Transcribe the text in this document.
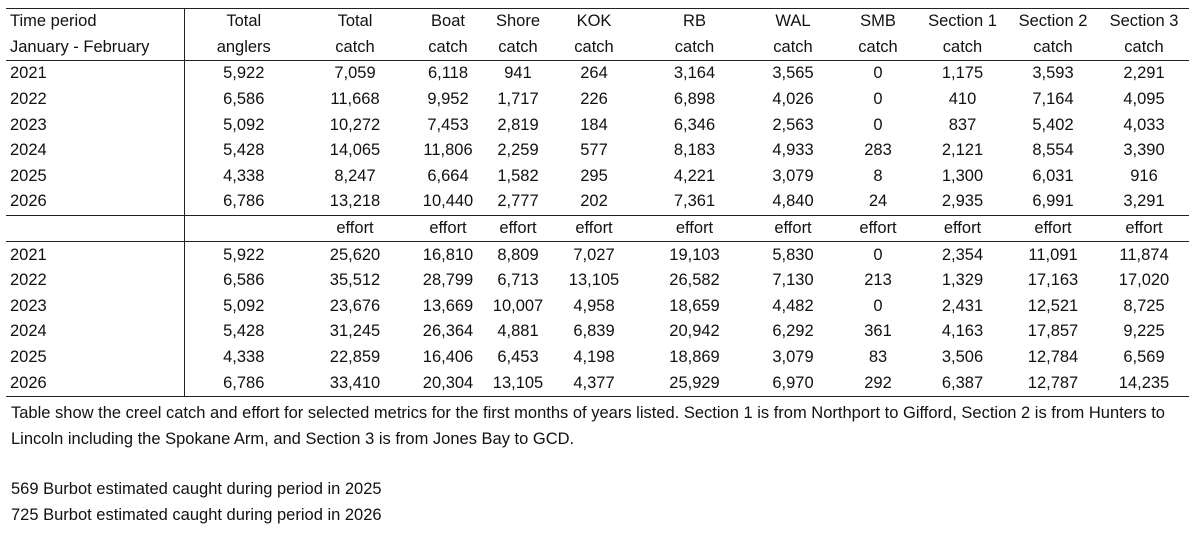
Time period	Total	Total	Boat	Shore	KOK	RB	WAL	SMB	Section 1	Section 2	Section 3
January - February	anglers	catch	catch	catch	catch	catch	catch	catch	catch	catch	catch
2021	5,922	7,059	6,118	941	264	3,164	3,565	0	1,175	3,593	2,291
2022	6,586	11,668	9,952	1,717	226	6,898	4,026	0	410	7,164	4,095
2023	5,092	10,272	7,453	2,819	184	6,346	2,563	0	837	5,402	4,033
2024	5,428	14,065	11,806	2,259	577	8,183	4,933	283	2,121	8,554	3,390
2025	4,338	8,247	6,664	1,582	295	4,221	3,079	8	1,300	6,031	916
2026	6,786	13,218	10,440	2,777	202	7,361	4,840	24	2,935	6,991	3,291
		effort	effort	effort	effort	effort	effort	effort	effort	effort	effort
2021	5,922	25,620	16,810	8,809	7,027	19,103	5,830	0	2,354	11,091	11,874
2022	6,586	35,512	28,799	6,713	13,105	26,582	7,130	213	1,329	17,163	17,020
2023	5,092	23,676	13,669	10,007	4,958	18,659	4,482	0	2,431	12,521	8,725
2024	5,428	31,245	26,364	4,881	6,839	20,942	6,292	361	4,163	17,857	9,225
2025	4,338	22,859	16,406	6,453	4,198	18,869	3,079	83	3,506	12,784	6,569
2026	6,786	33,410	20,304	13,105	4,377	25,929	6,970	292	6,387	12,787	14,235

Table show the creel catch and effort for selected metrics for the first months of years listed. Section 1 is from Northport to Gifford, Section 2 is from Hunters to Lincoln including the Spokane Arm, and Section 3 is from Jones Bay to GCD.

569 Burbot estimated caught during period in 2025

725 Burbot estimated caught during period in 2026
